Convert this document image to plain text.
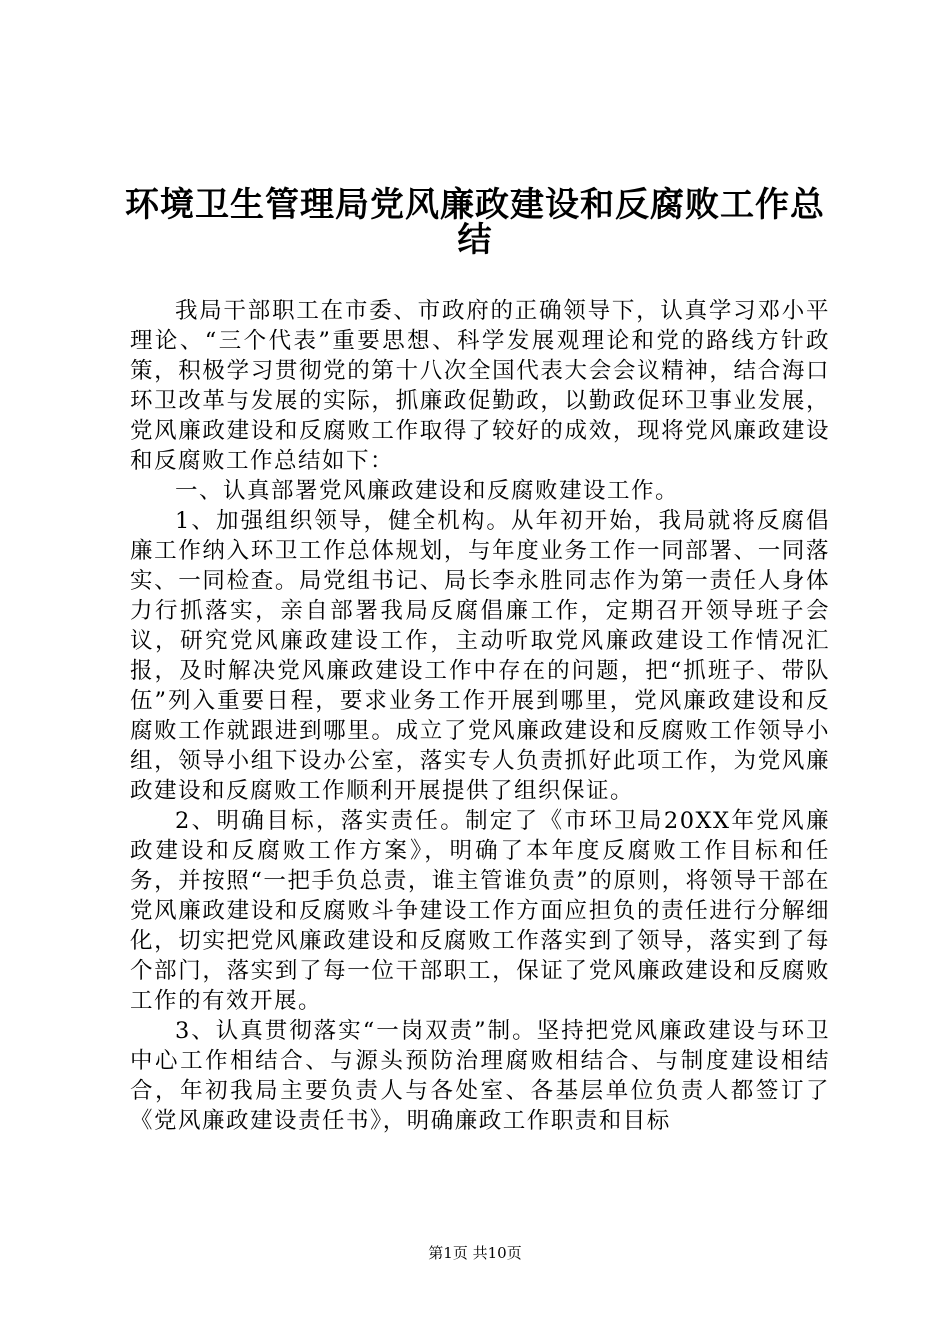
环境卫生管理局党风廉政建设和反腐败工作总
结

我局干部职工在市委、市政府的正确领导下，认真学习邓小平理论、“三个代表”重要思想、科学发展观理论和党的路线方针政策，积极学习贯彻党的第十八次全国代表大会会议精神，结合海口环卫改革与发展的实际，抓廉政促勤政，以勤政促环卫事业发展，党风廉政建设和反腐败工作取得了较好的成效，现将党风廉政建设和反腐败工作总结如下：

一、认真部署党风廉政建设和反腐败建设工作。

1、加强组织领导，健全机构。从年初开始，我局就将反腐倡廉工作纳入环卫工作总体规划，与年度业务工作一同部署、一同落实、一同检查。局党组书记、局长李永胜同志作为第一责任人身体力行抓落实，亲自部署我局反腐倡廉工作，定期召开领导班子会议，研究党风廉政建设工作，主动听取党风廉政建设工作情况汇报，及时解决党风廉政建设工作中存在的问题，把“抓班子、带队伍”列入重要日程，要求业务工作开展到哪里，党风廉政建设和反腐败工作就跟进到哪里。成立了党风廉政建设和反腐败工作领导小组，领导小组下设办公室，落实专人负责抓好此项工作，为党风廉政建设和反腐败工作顺利开展提供了组织保证。

2、明确目标，落实责任。制定了《市环卫局20XX年党风廉政建设和反腐败工作方案》，明确了本年度反腐败工作目标和任务，并按照“一把手负总责，谁主管谁负责”的原则，将领导干部在党风廉政建设和反腐败斗争建设工作方面应担负的责任进行分解细化，切实把党风廉政建设和反腐败工作落实到了领导，落实到了每个部门，落实到了每一位干部职工，保证了党风廉政建设和反腐败工作的有效开展。

3、认真贯彻落实“一岗双责”制。坚持把党风廉政建设与环卫中心工作相结合、与源头预防治理腐败相结合、与制度建设相结合，年初我局主要负责人与各处室、各基层单位负责人都签订了《党风廉政建设责任书》，明确廉政工作职责和目标

第1页 共10页
